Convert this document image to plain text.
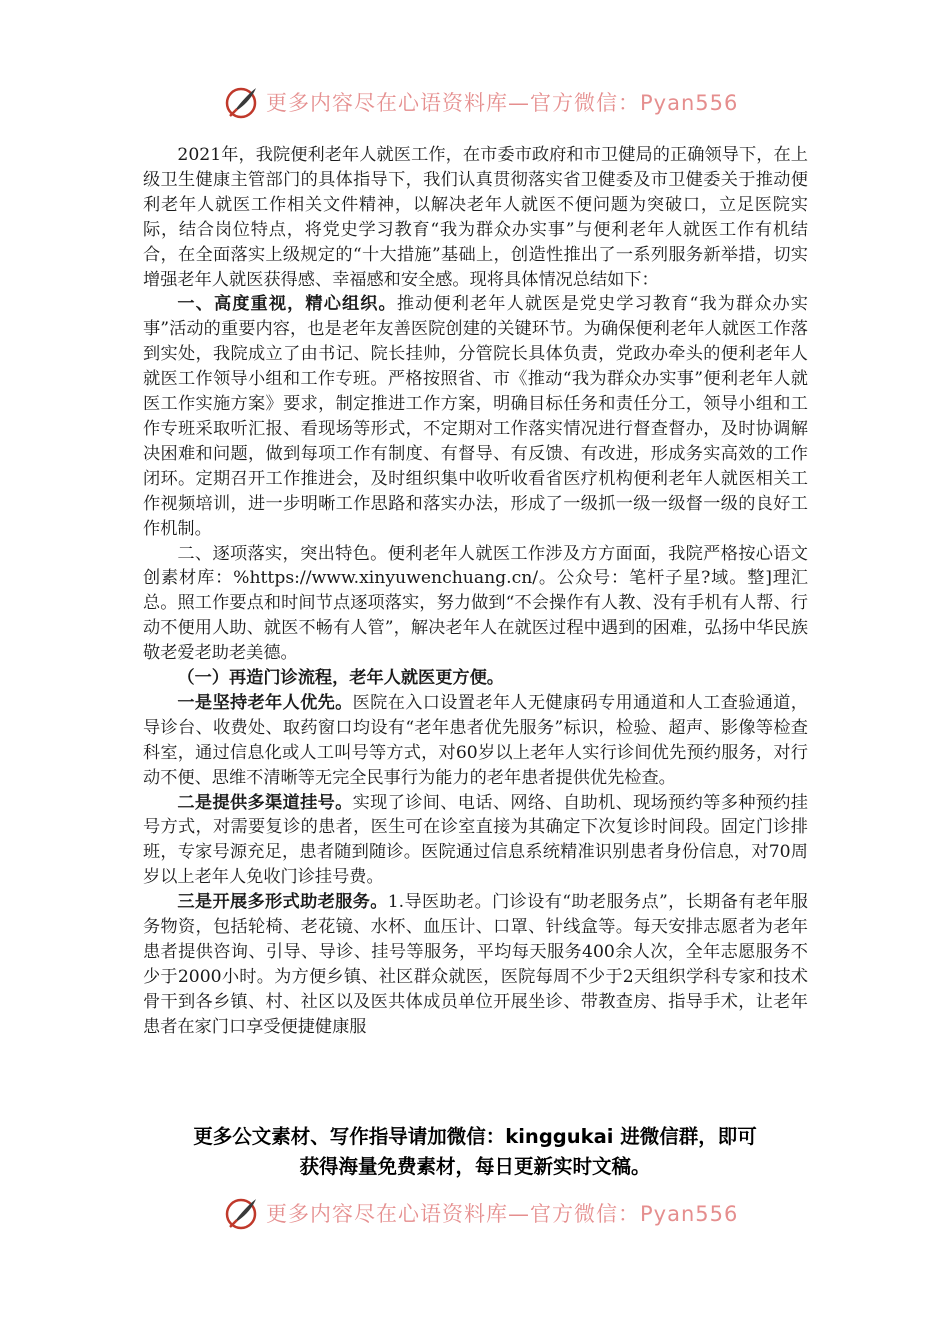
更多内容尽在心语资料库—官方微信：Pyan556

2021年，我院便利老年人就医工作，在市委市政府和市卫健局的正确领导下，在上级卫生健康主管部门的具体指导下，我们认真贯彻落实省卫健委及市卫健委关于推动便利老年人就医工作相关文件精神，以解决老年人就医不便问题为突破口，立足医院实际，结合岗位特点，将党史学习教育“我为群众办实事”与便利老年人就医工作有机结合，在全面落实上级规定的“十大措施”基础上，创造性推出了一系列服务新举措，切实增强老年人就医获得感、幸福感和安全感。现将具体情况总结如下：

一、高度重视，精心组织。推动便利老年人就医是党史学习教育“我为群众办实事”活动的重要内容，也是老年友善医院创建的关键环节。为确保便利老年人就医工作落到实处，我院成立了由书记、院长挂帅，分管院长具体负责，党政办牵头的便利老年人就医工作领导小组和工作专班。严格按照省、市《推动“我为群众办实事”便利老年人就医工作实施方案》要求，制定推进工作方案，明确目标任务和责任分工，领导小组和工作专班采取听汇报、看现场等形式，不定期对工作落实情况进行督查督办，及时协调解决困难和问题，做到每项工作有制度、有督导、有反馈、有改进，形成务实高效的工作闭环。定期召开工作推进会，及时组织集中收听收看省医疗机构便利老年人就医相关工作视频培训，进一步明晰工作思路和落实办法，形成了一级抓一级一级督一级的良好工作机制。

二、逐项落实，突出特色。便利老年人就医工作涉及方方面面，我院严格按心语文创素材库：%https://www.xinyuwenchuang.cn/。公众号：笔杆子星?域。整]理汇总。照工作要点和时间节点逐项落实，努力做到“不会操作有人教、没有手机有人帮、行动不便用人助、就医不畅有人管”，解决老年人在就医过程中遇到的困难，弘扬中华民族敬老爱老助老美德。

（一）再造门诊流程，老年人就医更方便。

一是坚持老年人优先。医院在入口设置老年人无健康码专用通道和人工查验通道，导诊台、收费处、取药窗口均设有“老年患者优先服务”标识，检验、超声、影像等检查科室，通过信息化或人工叫号等方式，对60岁以上老年人实行诊间优先预约服务，对行动不便、思维不清晰等无完全民事行为能力的老年患者提供优先检查。

二是提供多渠道挂号。实现了诊间、电话、网络、自助机、现场预约等多种预约挂号方式，对需要复诊的患者，医生可在诊室直接为其确定下次复诊时间段。固定门诊排班，专家号源充足，患者随到随诊。医院通过信息系统精准识别患者身份信息，对70周岁以上老年人免收门诊挂号费。

三是开展多形式助老服务。1.导医助老。门诊设有“助老服务点”，长期备有老年服务物资，包括轮椅、老花镜、水杯、血压计、口罩、针线盒等。每天安排志愿者为老年患者提供咨询、引导、导诊、挂号等服务，平均每天服务400余人次，全年志愿服务不少于2000小时。为方便乡镇、社区群众就医，医院每周不少于2天组织学科专家和技术骨干到各乡镇、村、社区以及医共体成员单位开展坐诊、带教查房、指导手术，让老年患者在家门口享受便捷健康服

更多公文素材、写作指导请加微信：kinggukai 进微信群，即可
获得海量免费素材，每日更新实时文稿。
更多内容尽在心语资料库—官方微信：Pyan556
